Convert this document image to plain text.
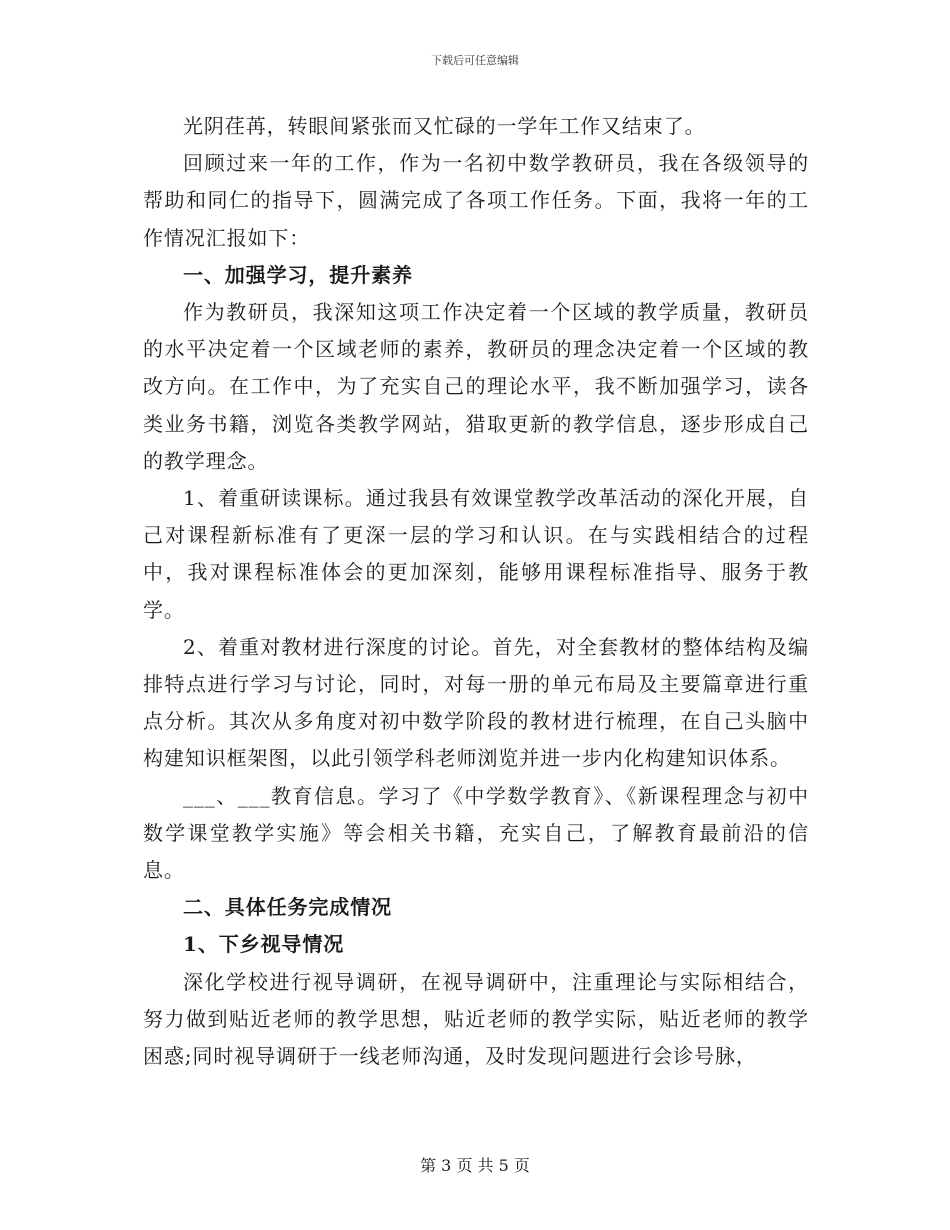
下载后可任意编辑

光阴荏苒，转眼间紧张而又忙碌的一学年工作又结束了。

回顾过来一年的工作，作为一名初中数学教研员，我在各级领导的帮助和同仁的指导下，圆满完成了各项工作任务。下面，我将一年的工作情况汇报如下：

一、加强学习，提升素养

作为教研员，我深知这项工作决定着一个区域的教学质量，教研员的水平决定着一个区域老师的素养，教研员的理念决定着一个区域的教改方向。在工作中，为了充实自己的理论水平，我不断加强学习，读各类业务书籍，浏览各类教学网站，猎取更新的教学信息，逐步形成自己的教学理念。

1、着重研读课标。通过我县有效课堂教学改革活动的深化开展，自己对课程新标准有了更深一层的学习和认识。在与实践相结合的过程中，我对课程标准体会的更加深刻，能够用课程标准指导、服务于教学。

2、着重对教材进行深度的讨论。首先，对全套教材的整体结构及编排特点进行学习与讨论，同时，对每一册的单元布局及主要篇章进行重点分析。其次从多角度对初中数学阶段的教材进行梳理，在自己头脑中构建知识框架图，以此引领学科老师浏览并进一步内化构建知识体系。

___、___教育信息。学习了《中学数学教育》、《新课程理念与初中数学课堂教学实施》等会相关书籍，充实自己，了解教育最前沿的信息。

二、具体任务完成情况

1、下乡视导情况

深化学校进行视导调研，在视导调研中，注重理论与实际相结合，努力做到贴近老师的教学思想，贴近老师的教学实际，贴近老师的教学困惑;同时视导调研于一线老师沟通，及时发现问题进行会诊号脉，

第 3 页 共 5 页
